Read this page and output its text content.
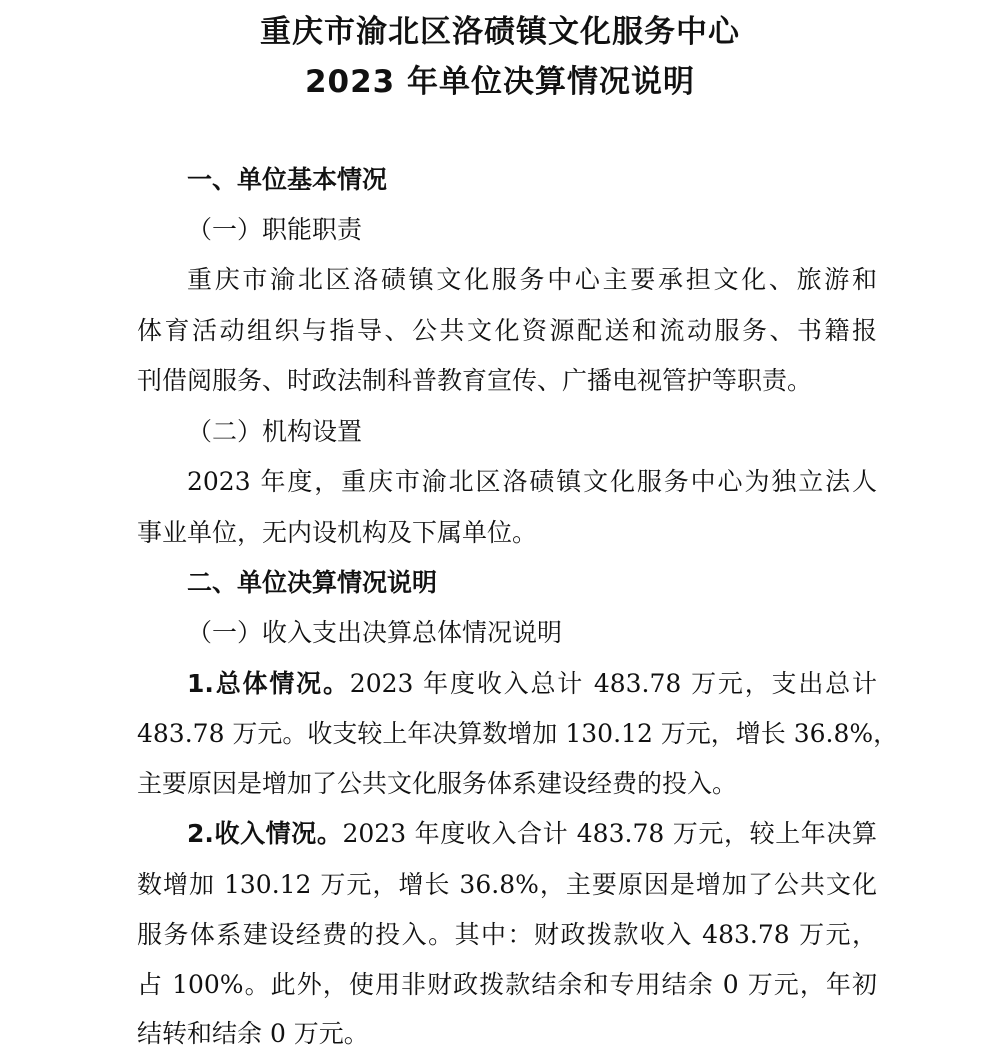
重庆市渝北区洛碛镇文化服务中心
2023 年单位决算情况说明
一、单位基本情况
（一）职能职责
重庆市渝北区洛碛镇文化服务中心主要承担文化、旅游和
体育活动组织与指导、公共文化资源配送和流动服务、书籍报
刊借阅服务、时政法制科普教育宣传、广播电视管护等职责。
（二）机构设置
2023 年度，重庆市渝北区洛碛镇文化服务中心为独立法人
事业单位，无内设机构及下属单位。
二、单位决算情况说明
（一）收入支出决算总体情况说明
1.总体情况。2023 年度收入总计 483.78 万元，支出总计
483.78 万元。收支较上年决算数增加 130.12 万元，增长 36.8%，
主要原因是增加了公共文化服务体系建设经费的投入。
2.收入情况。2023 年度收入合计 483.78 万元，较上年决算
数增加 130.12 万元，增长 36.8%，主要原因是增加了公共文化
服务体系建设经费的投入。其中：财政拨款收入 483.78 万元，
占 100%。此外，使用非财政拨款结余和专用结余 0 万元，年初
结转和结余 0 万元。
